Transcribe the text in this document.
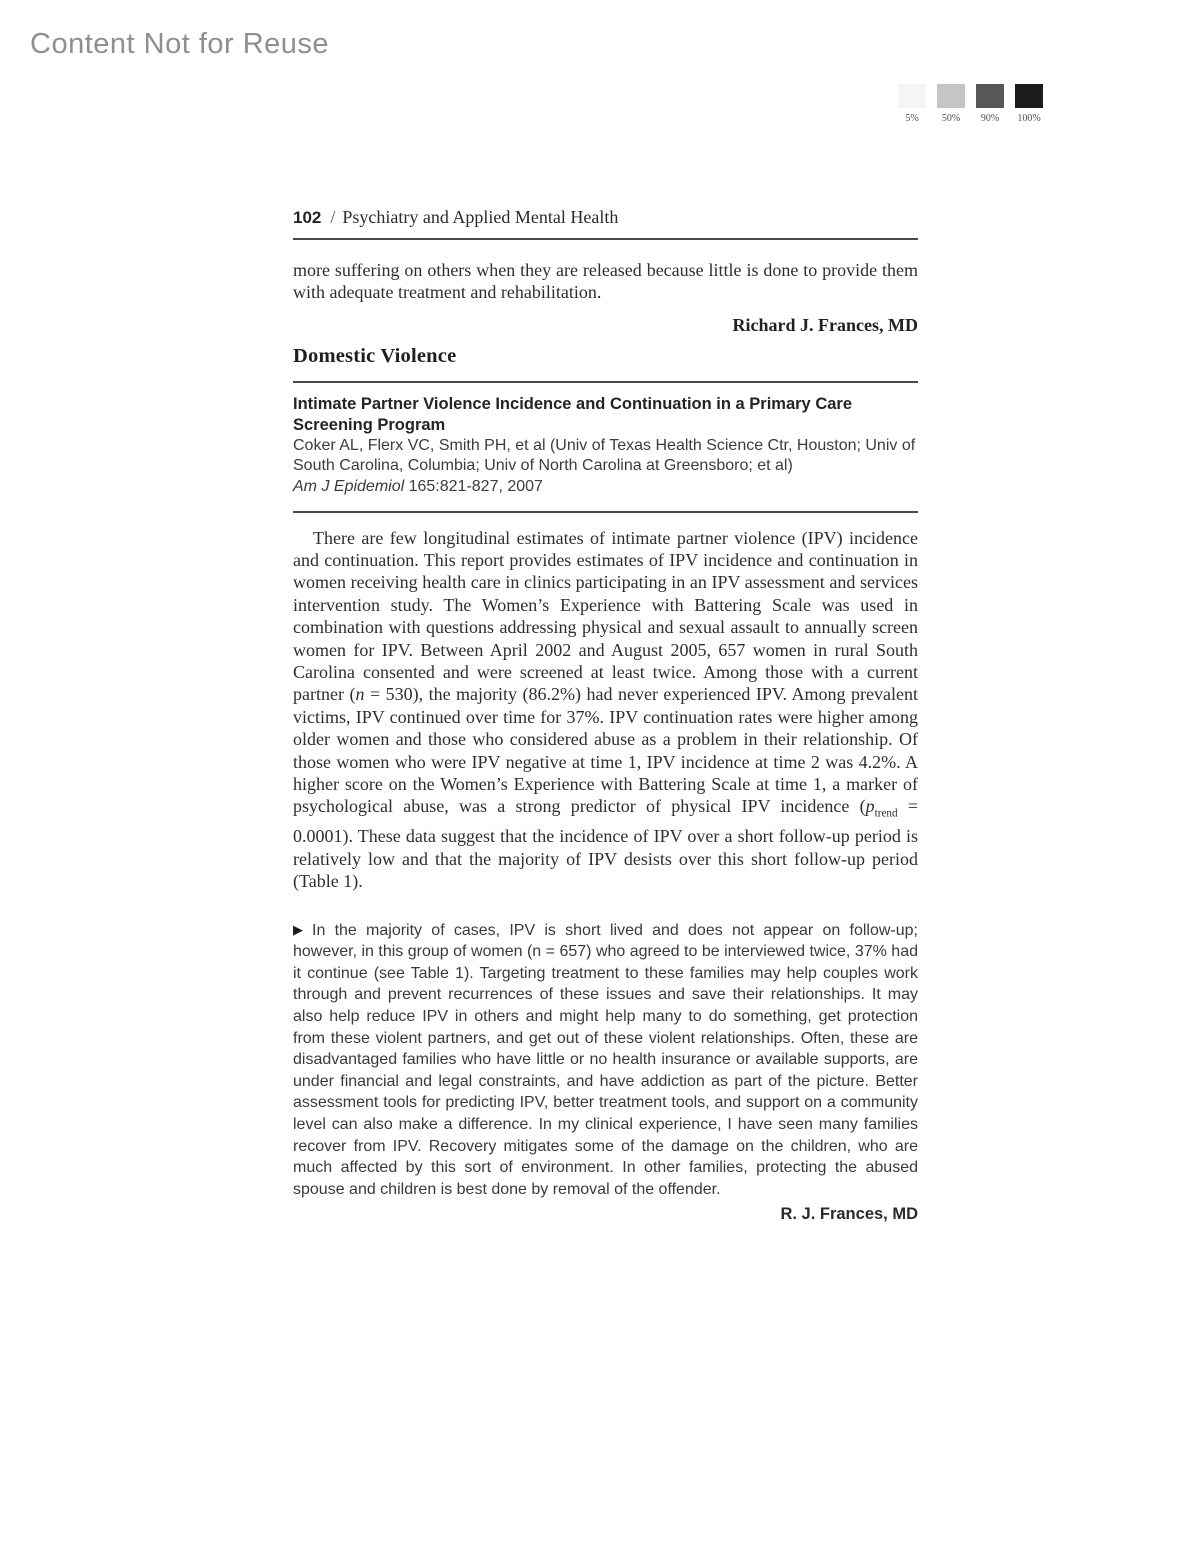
Content Not for Reuse
5% 50% 90% 100%
102 / Psychiatry and Applied Mental Health

more suffering on others when they are released because little is done to provide them with adequate treatment and rehabilitation.

Richard J. Frances, MD

Domestic Violence
Intimate Partner Violence Incidence and Continuation in a Primary Care Screening Program

Coker AL, Flerx VC, Smith PH, et al (Univ of Texas Health Science Ctr, Houston; Univ of South Carolina, Columbia; Univ of North Carolina at Greensboro; et al)

Am J Epidemiol 165:821-827, 2007

There are few longitudinal estimates of intimate partner violence (IPV) incidence and continuation. This report provides estimates of IPV incidence and continuation in women receiving health care in clinics participating in an IPV assessment and services intervention study. The Women’s Experience with Battering Scale was used in combination with questions addressing physical and sexual assault to annually screen women for IPV. Between April 2002 and August 2005, 657 women in rural South Carolina consented and were screened at least twice. Among those with a current partner (n = 530), the majority (86.2%) had never experienced IPV. Among prevalent victims, IPV continued over time for 37%. IPV continuation rates were higher among older women and those who considered abuse as a problem in their relationship. Of those women who were IPV negative at time 1, IPV incidence at time 2 was 4.2%. A higher score on the Women’s Experience with Battering Scale at time 1, a marker of psychological abuse, was a strong predictor of physical IPV incidence $(p_{trend} = 0.0001)$. These data suggest that the incidence of IPV over a short follow-up period is relatively low and that the majority of IPV desists over this short follow-up period (Table 1).

▶ In the majority of cases, IPV is short lived and does not appear on follow-up; however, in this group of women (n = 657) who agreed to be interviewed twice, 37% had it continue (see Table 1). Targeting treatment to these families may help couples work through and prevent recurrences of these issues and save their relationships. It may also help reduce IPV in others and might help many to do something, get protection from these violent partners, and get out of these violent relationships. Often, these are disadvantaged families who have little or no health insurance or available supports, are under financial and legal constraints, and have addiction as part of the picture. Better assessment tools for predicting IPV, better treatment tools, and support on a community level can also make a difference. In my clinical experience, I have seen many families recover from IPV. Recovery mitigates some of the damage on the children, who are much affected by this sort of environment. In other families, protecting the abused spouse and children is best done by removal of the offender.

R. J. Frances, MD
